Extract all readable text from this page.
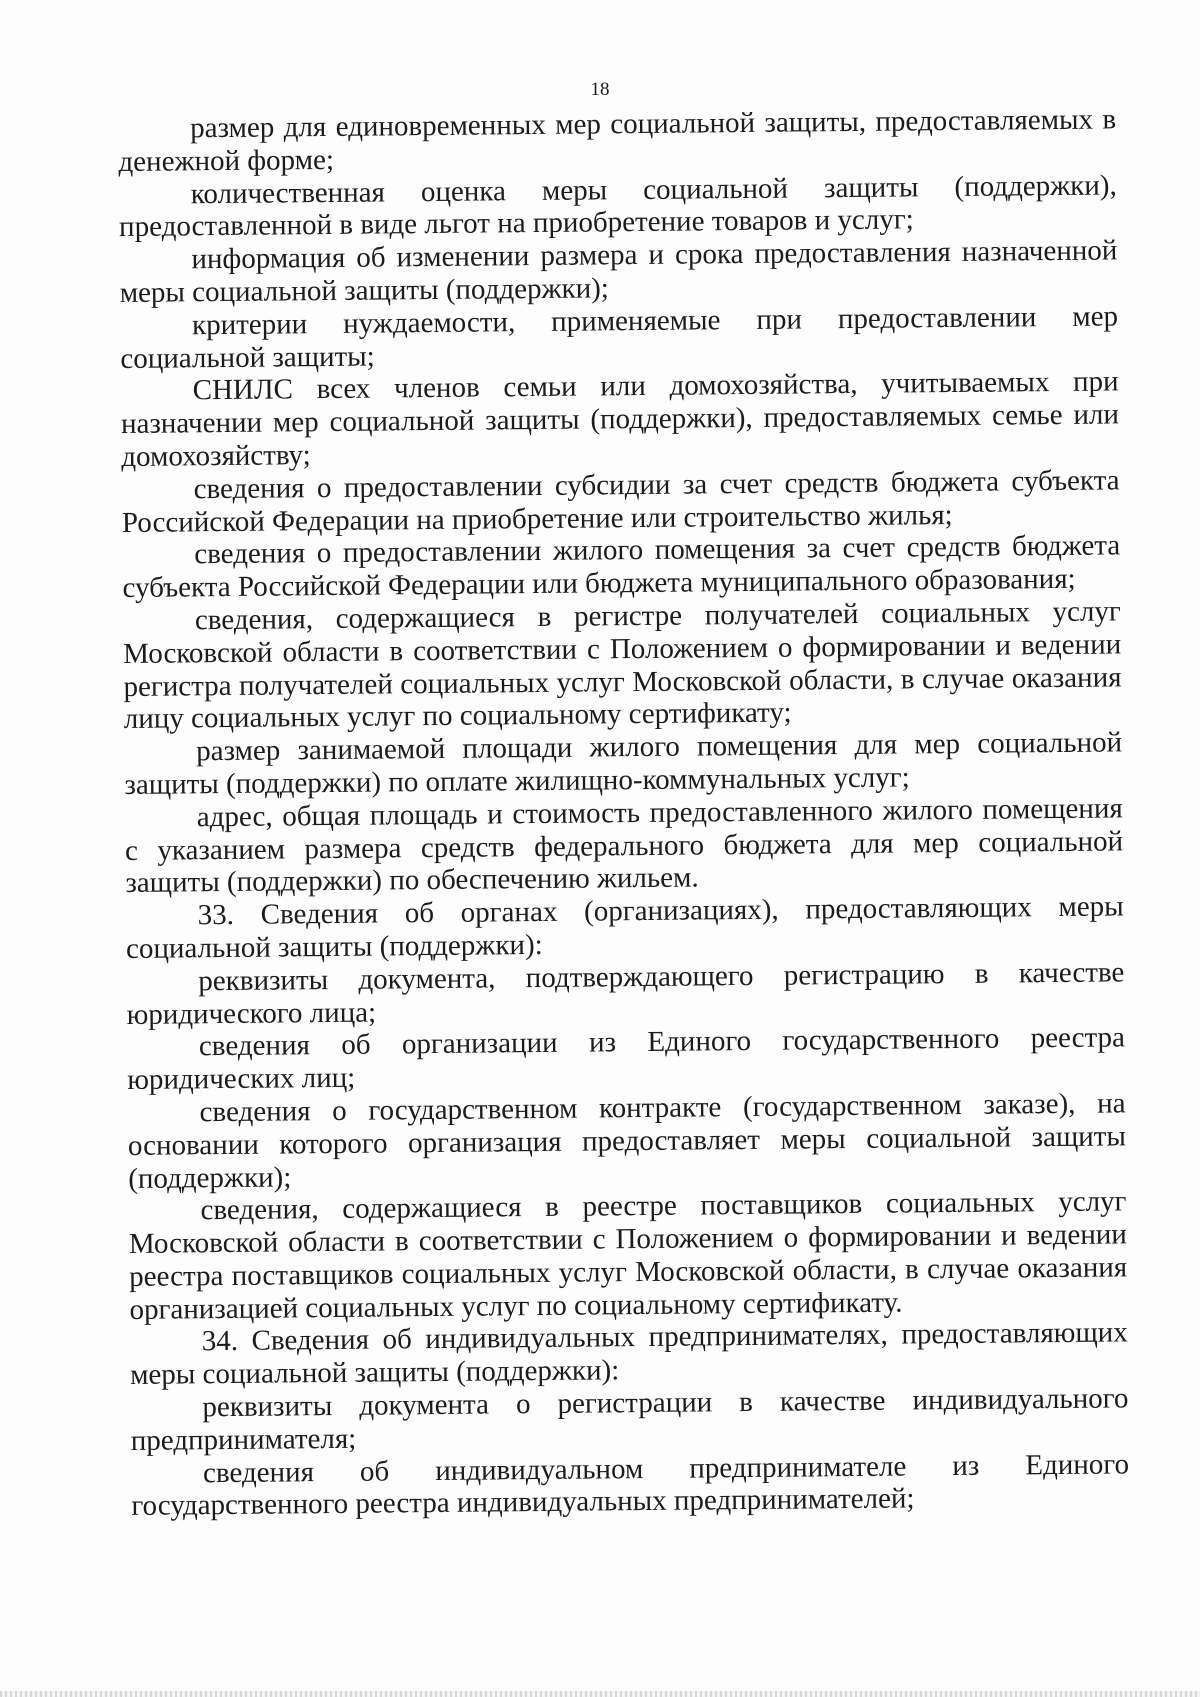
18

размер для единовременных мер социальной защиты, предоставляемых в денежной форме;

количественная оценка меры социальной защиты (поддержки), предоставленной в виде льгот на приобретение товаров и услуг;

информация об изменении размера и срока предоставления назначенной меры социальной защиты (поддержки);

критерии нуждаемости, применяемые при предоставлении мер социальной защиты;

СНИЛС всех членов семьи или домохозяйства, учитываемых при назначении мер социальной защиты (поддержки), предоставляемых семье или домохозяйству;

сведения о предоставлении субсидии за счет средств бюджета субъекта Российской Федерации на приобретение или строительство жилья;

сведения о предоставлении жилого помещения за счет средств бюджета субъекта Российской Федерации или бюджета муниципального образования;

сведения, содержащиеся в регистре получателей социальных услуг Московской области в соответствии с Положением о формировании и ведении регистра получателей социальных услуг Московской области, в случае оказания лицу социальных услуг по социальному сертификату;

размер занимаемой площади жилого помещения для мер социальной защиты (поддержки) по оплате жилищно-коммунальных услуг;

адрес, общая площадь и стоимость предоставленного жилого помещения с указанием размера средств федерального бюджета для мер социальной защиты (поддержки) по обеспечению жильем.

33. Сведения об органах (организациях), предоставляющих меры социальной защиты (поддержки):

реквизиты документа, подтверждающего регистрацию в качестве юридического лица;

сведения об организации из Единого государственного реестра юридических лиц;

сведения о государственном контракте (государственном заказе), на основании которого организация предоставляет меры социальной защиты (поддержки);

сведения, содержащиеся в реестре поставщиков социальных услуг Московской области в соответствии с Положением о формировании и ведении реестра поставщиков социальных услуг Московской области, в случае оказания организацией социальных услуг по социальному сертификату.

34. Сведения об индивидуальных предпринимателях, предоставляющих меры социальной защиты (поддержки):

реквизиты документа о регистрации в качестве индивидуального предпринимателя;

сведения об индивидуальном предпринимателе из Единого государственного реестра индивидуальных предпринимателей;
